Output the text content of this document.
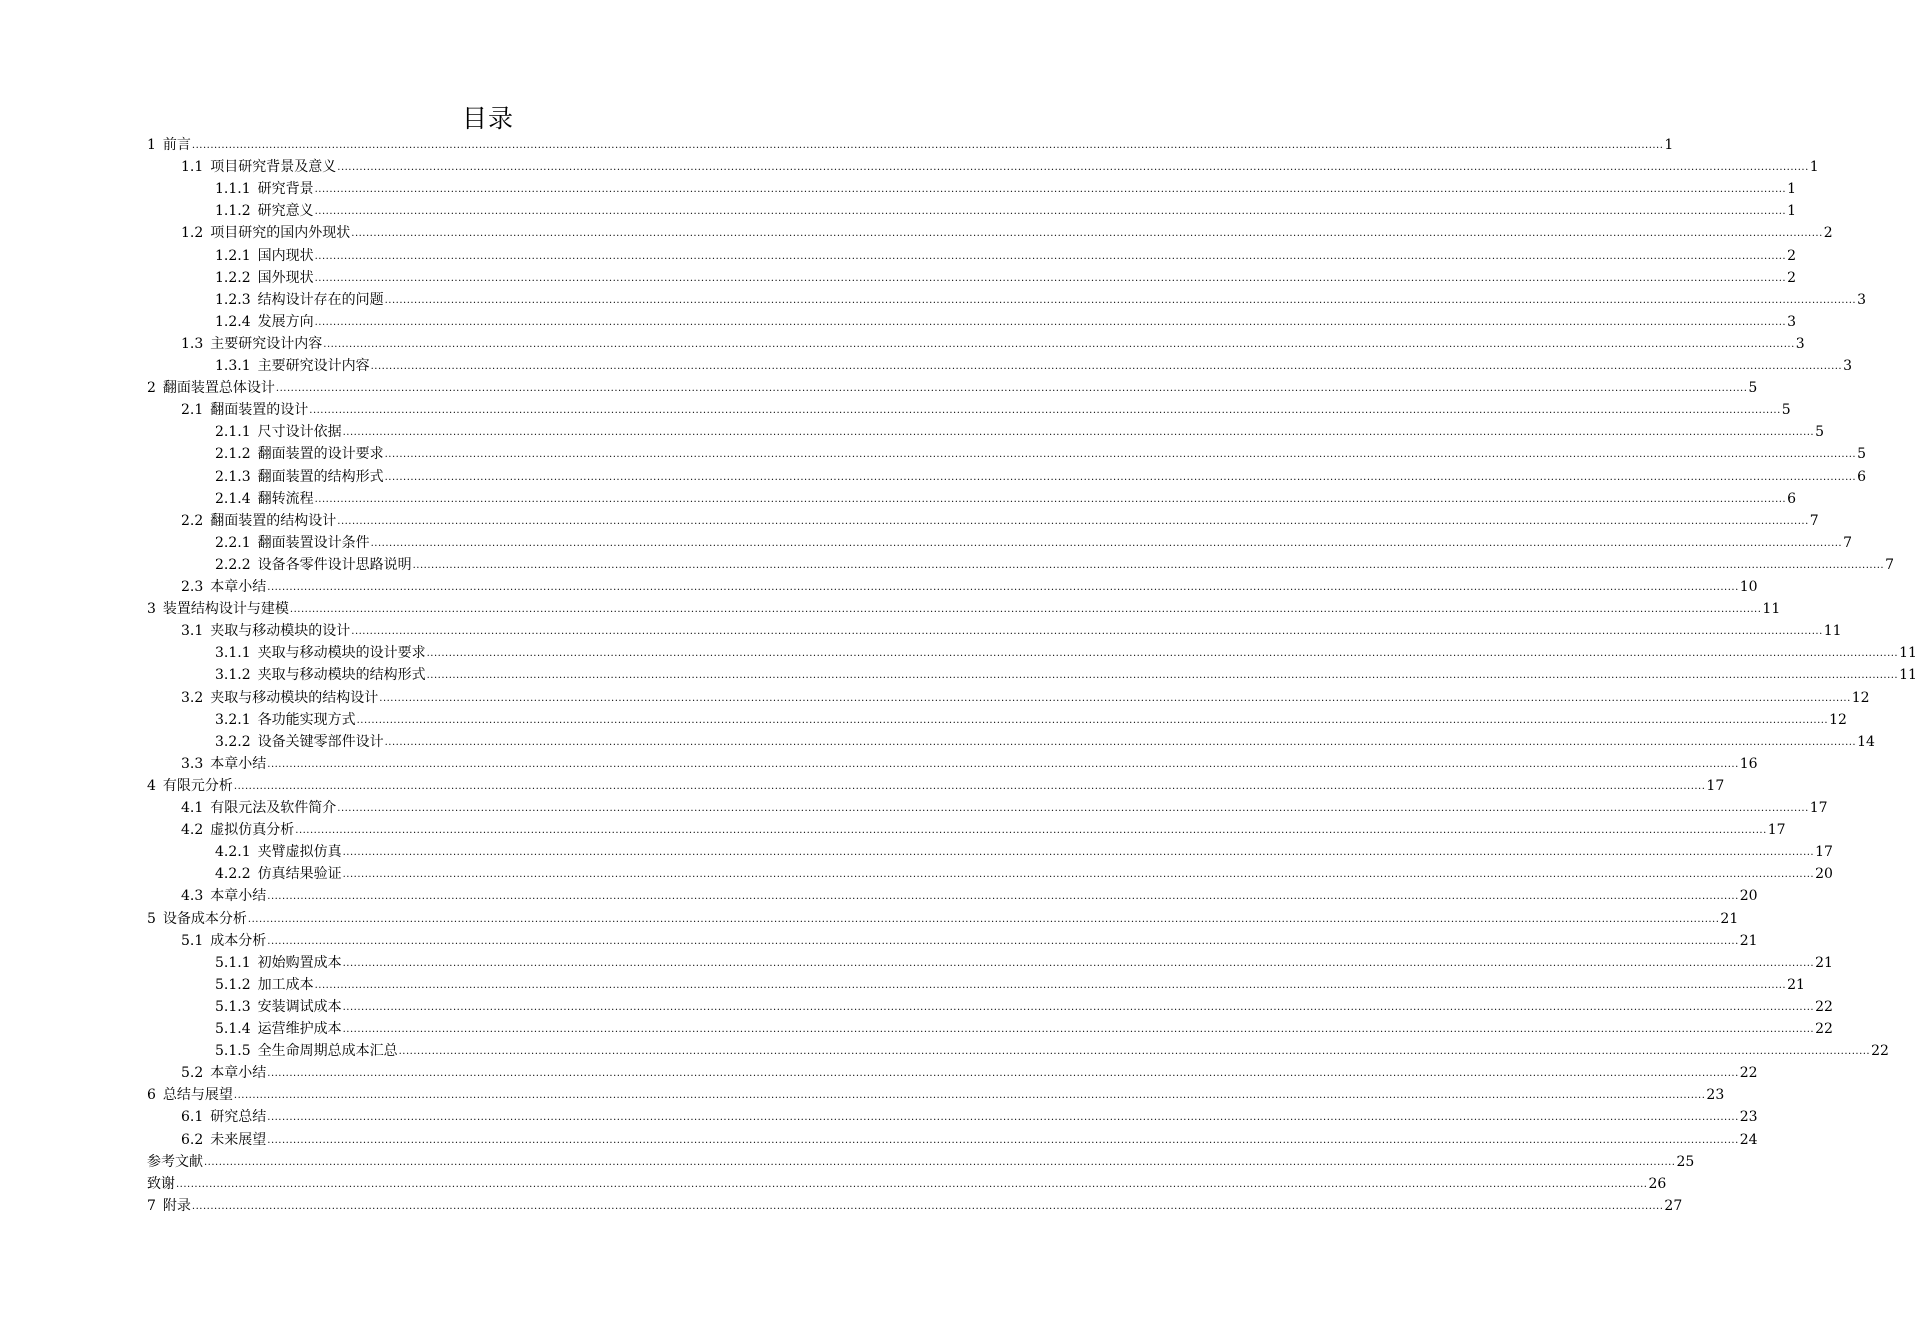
目录
1 前言 ................................................................................................................................................................................................................................................................................................................................................................................................................ 1
1.1 项目研究背景及意义 ................................................................................................................................................................................................................................................................................................................................................................................................................ 1
1.1.1 研究背景 ................................................................................................................................................................................................................................................................................................................................................................................................................ 1
1.1.2 研究意义 ................................................................................................................................................................................................................................................................................................................................................................................................................ 1
1.2 项目研究的国内外现状 ................................................................................................................................................................................................................................................................................................................................................................................................................ 2
1.2.1 国内现状 ................................................................................................................................................................................................................................................................................................................................................................................................................ 2
1.2.2 国外现状 ................................................................................................................................................................................................................................................................................................................................................................................................................ 2
1.2.3 结构设计存在的问题 ................................................................................................................................................................................................................................................................................................................................................................................................................ 3
1.2.4 发展方向 ................................................................................................................................................................................................................................................................................................................................................................................................................ 3
1.3 主要研究设计内容 ................................................................................................................................................................................................................................................................................................................................................................................................................ 3
1.3.1 主要研究设计内容 ................................................................................................................................................................................................................................................................................................................................................................................................................ 3
2 翻面装置总体设计 ................................................................................................................................................................................................................................................................................................................................................................................................................ 5
2.1 翻面装置的设计 ................................................................................................................................................................................................................................................................................................................................................................................................................ 5
2.1.1 尺寸设计依据 ................................................................................................................................................................................................................................................................................................................................................................................................................ 5
2.1.2 翻面装置的设计要求 ................................................................................................................................................................................................................................................................................................................................................................................................................ 5
2.1.3 翻面装置的结构形式 ................................................................................................................................................................................................................................................................................................................................................................................................................ 6
2.1.4 翻转流程 ................................................................................................................................................................................................................................................................................................................................................................................................................ 6
2.2 翻面装置的结构设计 ................................................................................................................................................................................................................................................................................................................................................................................................................ 7
2.2.1 翻面装置设计条件 ................................................................................................................................................................................................................................................................................................................................................................................................................ 7
2.2.2 设备各零件设计思路说明 ................................................................................................................................................................................................................................................................................................................................................................................................................ 7
2.3 本章小结 ................................................................................................................................................................................................................................................................................................................................................................................................................ 10
3 装置结构设计与建模 ................................................................................................................................................................................................................................................................................................................................................................................................................ 11
3.1 夹取与移动模块的设计 ................................................................................................................................................................................................................................................................................................................................................................................................................ 11
3.1.1 夹取与移动模块的设计要求 ................................................................................................................................................................................................................................................................................................................................................................................................................ 11
3.1.2 夹取与移动模块的结构形式 ................................................................................................................................................................................................................................................................................................................................................................................................................ 11
3.2 夹取与移动模块的结构设计 ................................................................................................................................................................................................................................................................................................................................................................................................................ 12
3.2.1 各功能实现方式 ................................................................................................................................................................................................................................................................................................................................................................................................................ 12
3.2.2 设备关键零部件设计 ................................................................................................................................................................................................................................................................................................................................................................................................................ 14
3.3 本章小结 ................................................................................................................................................................................................................................................................................................................................................................................................................ 16
4 有限元分析 ................................................................................................................................................................................................................................................................................................................................................................................................................ 17
4.1 有限元法及软件简介 ................................................................................................................................................................................................................................................................................................................................................................................................................ 17
4.2 虚拟仿真分析 ................................................................................................................................................................................................................................................................................................................................................................................................................ 17
4.2.1 夹臂虚拟仿真 ................................................................................................................................................................................................................................................................................................................................................................................................................ 17
4.2.2 仿真结果验证 ................................................................................................................................................................................................................................................................................................................................................................................................................ 20
4.3 本章小结 ................................................................................................................................................................................................................................................................................................................................................................................................................ 20
5 设备成本分析 ................................................................................................................................................................................................................................................................................................................................................................................................................ 21
5.1 成本分析 ................................................................................................................................................................................................................................................................................................................................................................................................................ 21
5.1.1 初始购置成本 ................................................................................................................................................................................................................................................................................................................................................................................................................ 21
5.1.2 加工成本 ................................................................................................................................................................................................................................................................................................................................................................................................................ 21
5.1.3 安装调试成本 ................................................................................................................................................................................................................................................................................................................................................................................................................ 22
5.1.4 运营维护成本 ................................................................................................................................................................................................................................................................................................................................................................................................................ 22
5.1.5 全生命周期总成本汇总 ................................................................................................................................................................................................................................................................................................................................................................................................................ 22
5.2 本章小结 ................................................................................................................................................................................................................................................................................................................................................................................................................ 22
6 总结与展望 ................................................................................................................................................................................................................................................................................................................................................................................................................ 23
6.1 研究总结 ................................................................................................................................................................................................................................................................................................................................................................................................................ 23
6.2 未来展望 ................................................................................................................................................................................................................................................................................................................................................................................................................ 24
参考文献 ................................................................................................................................................................................................................................................................................................................................................................................................................ 25
致谢 ................................................................................................................................................................................................................................................................................................................................................................................................................ 26
7 附录 ................................................................................................................................................................................................................................................................................................................................................................................................................ 27
